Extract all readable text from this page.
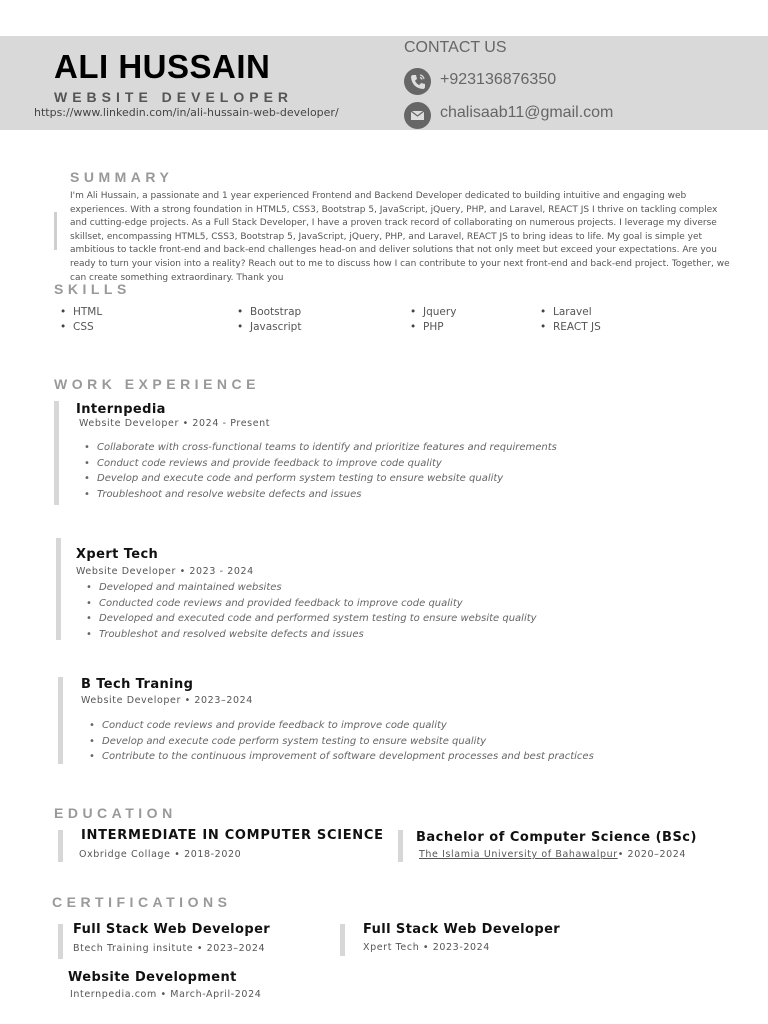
ALI HUSSAIN
WEBSITE DEVELOPER
https://www.linkedin.com/in/ali-hussain-web-developer/
CONTACT US
+923136876350
chalisaab11@gmail.com
SUMMARY
I'm Ali Hussain, a passionate and 1 year experienced Frontend and Backend Developer dedicated to building intuitive and engaging web experiences. With a strong foundation in HTML5, CSS3, Bootstrap 5, JavaScript, jQuery, PHP, and Laravel, REACT JS I thrive on tackling complex and cutting-edge projects. As a Full Stack Developer, I have a proven track record of collaborating on numerous projects. I leverage my diverse skillset, encompassing HTML5, CSS3, Bootstrap 5, JavaScript, jQuery, PHP, and Laravel, REACT JS to bring ideas to life. My goal is simple yet ambitious to tackle front-end and back-end challenges head-on and deliver solutions that not only meet but exceed your expectations. Are you ready to turn your vision into a reality? Reach out to me to discuss how I can contribute to your next front-end and back-end project. Together, we can create something extraordinary. Thank you
SKILLS
• HTML
• CSS
• Bootstrap
• Javascript
• Jquery
• PHP
• Laravel
• REACT JS
WORK EXPERIENCE
Internpedia
Website Developer • 2024 - Present
• Collaborate with cross-functional teams to identify and prioritize features and requirements
• Conduct code reviews and provide feedback to improve code quality
• Develop and execute code and perform system testing to ensure website quality
• Troubleshoot and resolve website defects and issues
Xpert Tech
Website Developer • 2023 - 2024
• Developed and maintained websites
• Conducted code reviews and provided feedback to improve code quality
• Developed and executed code and performed system testing to ensure website quality
• Troubleshot and resolved website defects and issues
B Tech Traning
Website Developer • 2023–2024
• Conduct code reviews and provide feedback to improve code quality
• Develop and execute code perform system testing to ensure website quality
• Contribute to the continuous improvement of software development processes and best practices
EDUCATION
INTERMEDIATE IN COMPUTER SCIENCE
Oxbridge Collage • 2018-2020
Bachelor of Computer Science (BSc)
The Islamia University of Bahawalpur• 2020–2024
CERTIFICATIONS
Full Stack Web Developer
Btech Training insitute • 2023–2024
Full Stack Web Developer
Xpert Tech • 2023-2024
Website Development
Internpedia.com • March-April-2024
